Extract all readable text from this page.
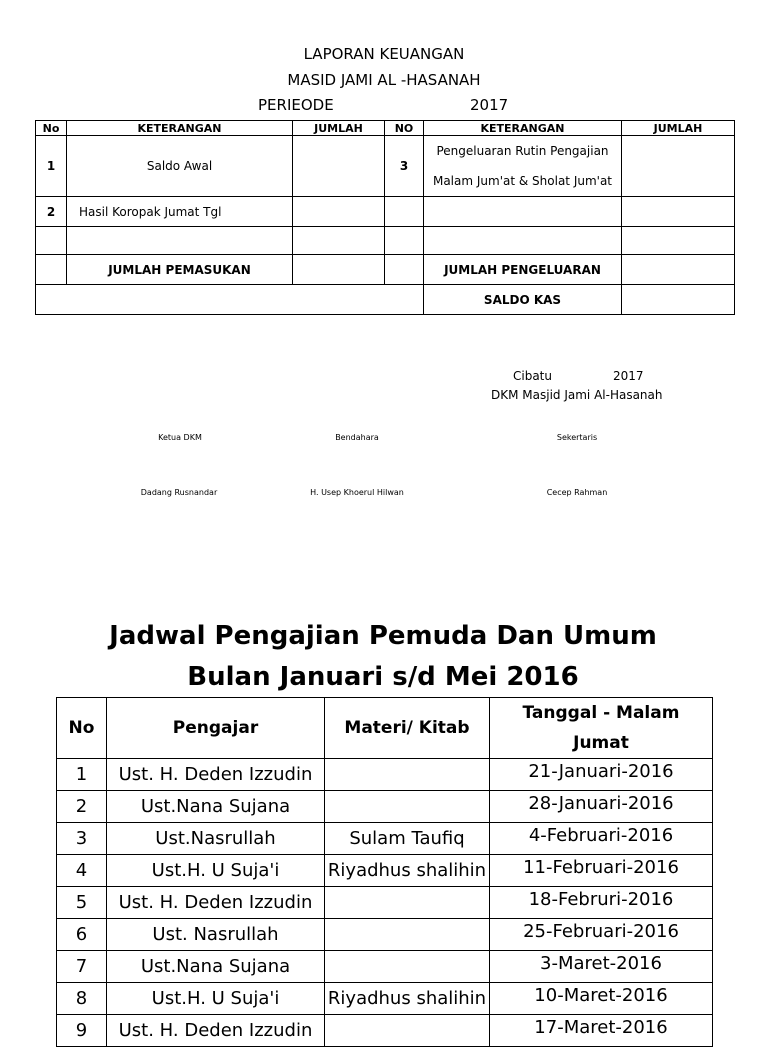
LAPORAN KEUANGAN
MASID JAMI AL -HASANAH
PERIEODE	2017
No	KETERANGAN	JUMLAH	NO	KETERANGAN	JUMLAH
1	Saldo Awal		3	Pengeluaran Rutin Pengajian
Malam Jum'at & Sholat Jum'at	

2	Hasil Koropak Jumat Tgl				

	JUMLAH PEMASUKAN			JUMLAH PENGELUARAN	
				SALDO KAS	
Cibatu	2017
DKM Masjid Jami Al-Hasanah
Ketua DKM	Bendahara	Sekertaris
Dadang Rusnandar	H. Usep Khoerul Hilwan	Cecep Rahman
Jadwal Pengajian Pemuda Dan Umum
Bulan Januari s/d Mei 2016
No	Pengajar	Materi/ Kitab	Tanggal - Malam Jumat
1	Ust. H. Deden Izzudin		21-Januari-2016
2	Ust.Nana Sujana		28-Januari-2016
3	Ust.Nasrullah	Sulam Taufiq	4-Februari-2016
4	Ust.H. U Suja'i	Riyadhus shalihin	11-Februari-2016
5	Ust. H. Deden Izzudin		18-Februri-2016
6	Ust. Nasrullah		25-Februari-2016
7	Ust.Nana Sujana		3-Maret-2016
8	Ust.H. U Suja'i	Riyadhus shalihin	10-Maret-2016
9	Ust. H. Deden Izzudin		17-Maret-2016
